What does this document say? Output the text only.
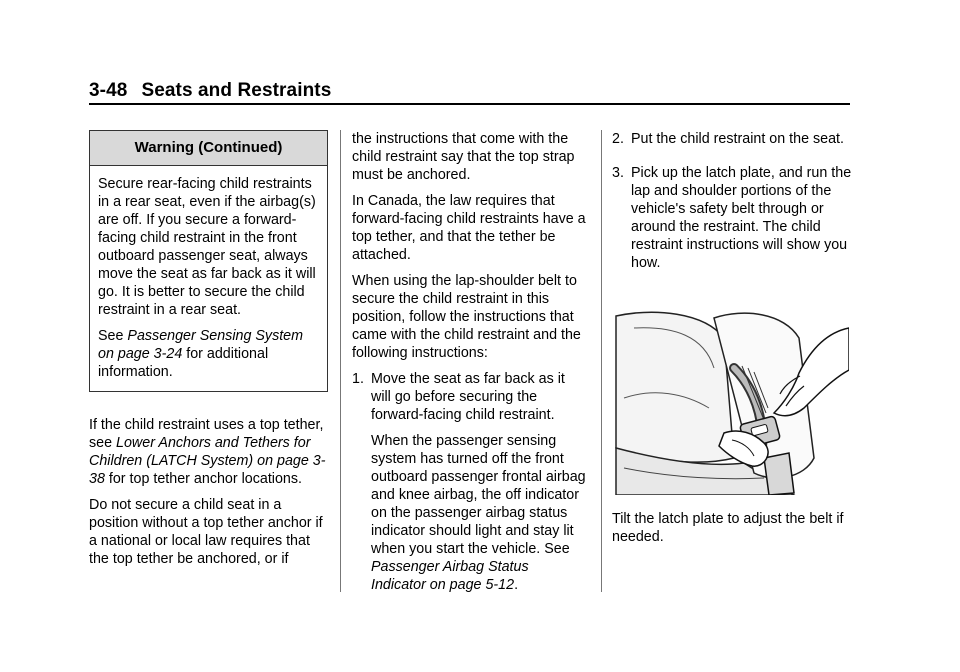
3-48 Seats and Restraints
Warning (Continued)

Secure rear-facing child restraints in a rear seat, even if the airbag(s) are off. If you secure a forward-facing child restraint in the front outboard passenger seat, always move the seat as far back as it will go. It is better to secure the child restraint in a rear seat.

See Passenger Sensing System on page 3-24 for additional information.

If the child restraint uses a top tether, see Lower Anchors and Tethers for Children (LATCH System) on page 3-38 for top tether anchor locations.

Do not secure a child seat in a position without a top tether anchor if a national or local law requires that the top tether be anchored, or if

the instructions that come with the child restraint say that the top strap must be anchored.

In Canada, the law requires that forward-facing child restraints have a top tether, and that the tether be attached.

When using the lap-shoulder belt to secure the child restraint in this position, follow the instructions that came with the child restraint and the following instructions:

1. Move the seat as far back as it will go before securing the forward-facing child restraint.

When the passenger sensing system has turned off the front outboard passenger frontal airbag and knee airbag, the off indicator on the passenger airbag status indicator should light and stay lit when you start the vehicle. See Passenger Airbag Status Indicator on page 5-12.

2. Put the child restraint on the seat.

3. Pick up the latch plate, and run the lap and shoulder portions of the vehicle's safety belt through or around the restraint. The child restraint instructions will show you how.

Tilt the latch plate to adjust the belt if needed.
